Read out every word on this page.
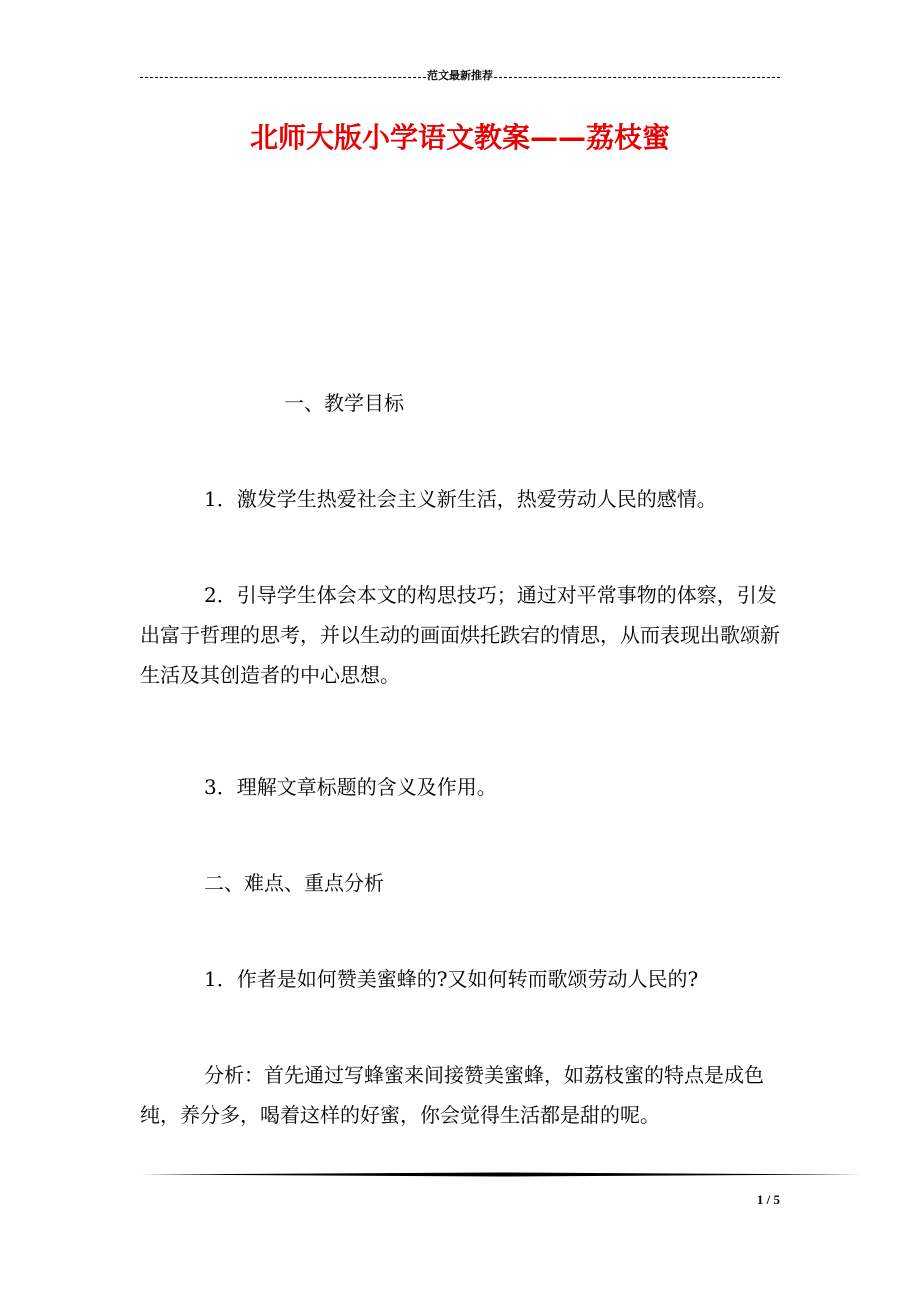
范文最新推荐
北师大版小学语文教案——荔枝蜜

一、教学目标

1．激发学生热爱社会主义新生活，热爱劳动人民的感情。

2．引导学生体会本文的构思技巧；通过对平常事物的体察，引发出富于哲理的思考，并以生动的画面烘托跌宕的情思，从而表现出歌颂新生活及其创造者的中心思想。

3．理解文章标题的含义及作用。

二、难点、重点分析

1．作者是如何赞美蜜蜂的?又如何转而歌颂劳动人民的?

分析：首先通过写蜂蜜来间接赞美蜜蜂，如荔枝蜜的特点是成色纯，养分多，喝着这样的好蜜，你会觉得生活都是甜的呢。

1 / 5
